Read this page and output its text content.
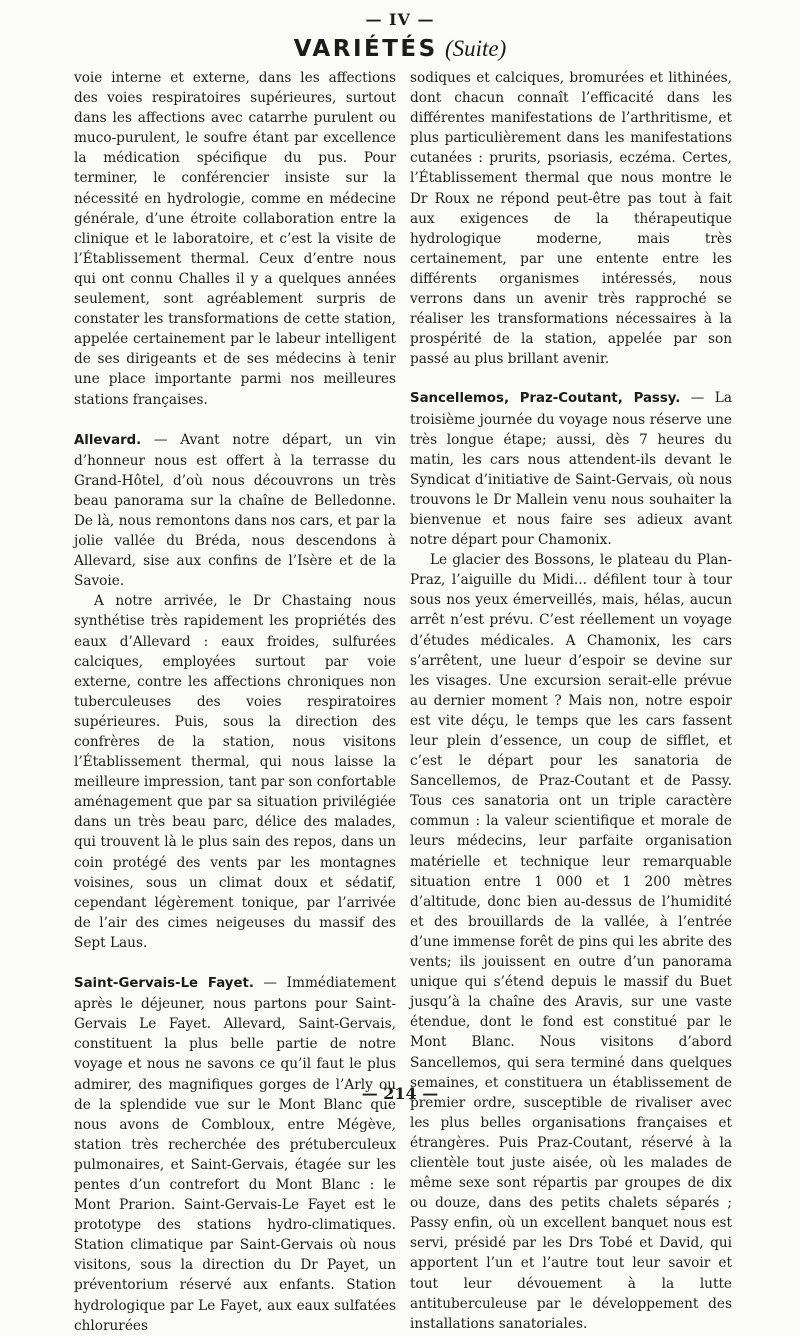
— IV —
VARIÉTÉS (Suite)

voie interne et externe, dans les affections des voies respiratoires supérieures, surtout dans les affections avec catarrhe purulent ou muco-purulent, le soufre étant par excellence la médication spécifique du pus. Pour terminer, le conférencier insiste sur la nécessité en hydrologie, comme en médecine générale, d’une étroite collaboration entre la clinique et le laboratoire, et c’est la visite de l’Établissement thermal. Ceux d’entre nous qui ont connu Challes il y a quelques années seulement, sont agréablement surpris de constater les transformations de cette station, appelée certainement par le labeur intelligent de ses dirigeants et de ses médecins à tenir une place importante parmi nos meilleures stations françaises.

Allevard. — Avant notre départ, un vin d’honneur nous est offert à la terrasse du Grand-Hôtel, d’où nous découvrons un très beau panorama sur la chaîne de Belledonne. De là, nous remontons dans nos cars, et par la jolie vallée du Bréda, nous descendons à Allevard, sise aux confins de l’Isère et de la Savoie.

A notre arrivée, le Dr Chastaing nous synthétise très rapidement les propriétés des eaux d’Allevard : eaux froides, sulfurées calciques, employées surtout par voie externe, contre les affections chroniques non tuberculeuses des voies respiratoires supérieures. Puis, sous la direction des confrères de la station, nous visitons l’Établissement thermal, qui nous laisse la meilleure impression, tant par son confortable aménagement que par sa situation privilégiée dans un très beau parc, délice des malades, qui trouvent là le plus sain des repos, dans un coin protégé des vents par les montagnes voisines, sous un climat doux et sédatif, cependant légèrement tonique, par l’arrivée de l’air des cimes neigeuses du massif des Sept Laus.

Saint-Gervais-Le Fayet. — Immédiatement après le déjeuner, nous partons pour Saint-Gervais Le Fayet. Allevard, Saint-Gervais, constituent la plus belle partie de notre voyage et nous ne savons ce qu’il faut le plus admirer, des magnifiques gorges de l’Arly ou de la splendide vue sur le Mont Blanc que nous avons de Combloux, entre Mégève, station très recherchée des prétuberculeux pulmonaires, et Saint-Gervais, étagée sur les pentes d’un contrefort du Mont Blanc : le Mont Prarion. Saint-Gervais-Le Fayet est le prototype des stations hydro-climatiques. Station climatique par Saint-Gervais où nous visitons, sous la direction du Dr Payet, un préventorium réservé aux enfants. Station hydrologique par Le Fayet, aux eaux sulfatées chlorurées

sodiques et calciques, bromurées et lithinées, dont chacun connaît l’efficacité dans les différentes manifestations de l’arthritisme, et plus particulièrement dans les manifestations cutanées : prurits, psoriasis, eczéma. Certes, l’Établissement thermal que nous montre le Dr Roux ne répond peut-être pas tout à fait aux exigences de la thérapeutique hydrologique moderne, mais très certainement, par une entente entre les différents organismes intéressés, nous verrons dans un avenir très rapproché se réaliser les transformations nécessaires à la prospérité de la station, appelée par son passé au plus brillant avenir.

Sancellemos, Praz-Coutant, Passy. — La troisième journée du voyage nous réserve une très longue étape; aussi, dès 7 heures du matin, les cars nous attendent-ils devant le Syndicat d’initiative de Saint-Gervais, où nous trouvons le Dr Mallein venu nous souhaiter la bienvenue et nous faire ses adieux avant notre départ pour Chamonix.

Le glacier des Bossons, le plateau du Plan-Praz, l’aiguille du Midi... défilent tour à tour sous nos yeux émerveillés, mais, hélas, aucun arrêt n’est prévu. C’est réellement un voyage d’études médicales. A Chamonix, les cars s’arrêtent, une lueur d’espoir se devine sur les visages. Une excursion serait-elle prévue au dernier moment ? Mais non, notre espoir est vite déçu, le temps que les cars fassent leur plein d’essence, un coup de sifflet, et c’est le départ pour les sanatoria de Sancellemos, de Praz-Coutant et de Passy. Tous ces sanatoria ont un triple caractère commun : la valeur scientifique et morale de leurs médecins, leur parfaite organisation matérielle et technique leur remarquable situation entre 1 000 et 1 200 mètres d’altitude, donc bien au-dessus de l’humidité et des brouillards de la vallée, à l’entrée d’une immense forêt de pins qui les abrite des vents; ils jouissent en outre d’un panorama unique qui s’étend depuis le massif du Buet jusqu’à la chaîne des Aravis, sur une vaste étendue, dont le fond est constitué par le Mont Blanc. Nous visitons d’abord Sancellemos, qui sera terminé dans quelques semaines, et constituera un établissement de premier ordre, susceptible de rivaliser avec les plus belles organisations françaises et étrangères. Puis Praz-Coutant, réservé à la clientèle tout juste aisée, où les malades de même sexe sont répartis par groupes de dix ou douze, dans des petits chalets séparés ; Passy enfin, où un excellent banquet nous est servi, présidé par les Drs Tobé et David, qui apportent l’un et l’autre tout leur savoir et tout leur dévouement à la lutte antituberculeuse par le développement des installations sanatoriales.

— 214 —
